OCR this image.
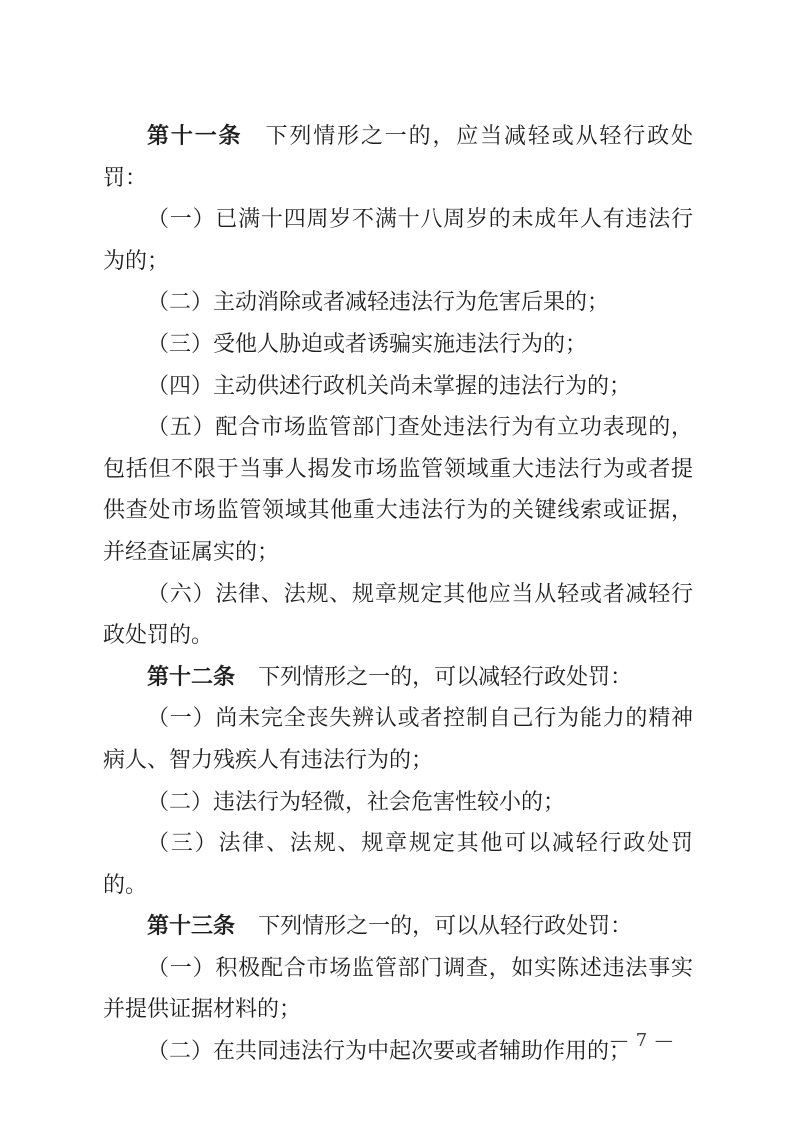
第十一条 下列情形之一的，应当减轻或从轻行政处罚：

（一）已满十四周岁不满十八周岁的未成年人有违法行为的；

（二）主动消除或者减轻违法行为危害后果的；

（三）受他人胁迫或者诱骗实施违法行为的；

（四）主动供述行政机关尚未掌握的违法行为的；

（五）配合市场监管部门查处违法行为有立功表现的，包括但不限于当事人揭发市场监管领域重大违法行为或者提供查处市场监管领域其他重大违法行为的关键线索或证据，并经查证属实的；

（六）法律、法规、规章规定其他应当从轻或者减轻行政处罚的。

第十二条 下列情形之一的，可以减轻行政处罚：

（一）尚未完全丧失辨认或者控制自己行为能力的精神病人、智力残疾人有违法行为的；

（二）违法行为轻微，社会危害性较小的；

（三）法律、法规、规章规定其他可以减轻行政处罚的。

第十三条 下列情形之一的，可以从轻行政处罚：

（一）积极配合市场监管部门调查，如实陈述违法事实并提供证据材料的；

（二）在共同违法行为中起次要或者辅助作用的；

— 7 —
